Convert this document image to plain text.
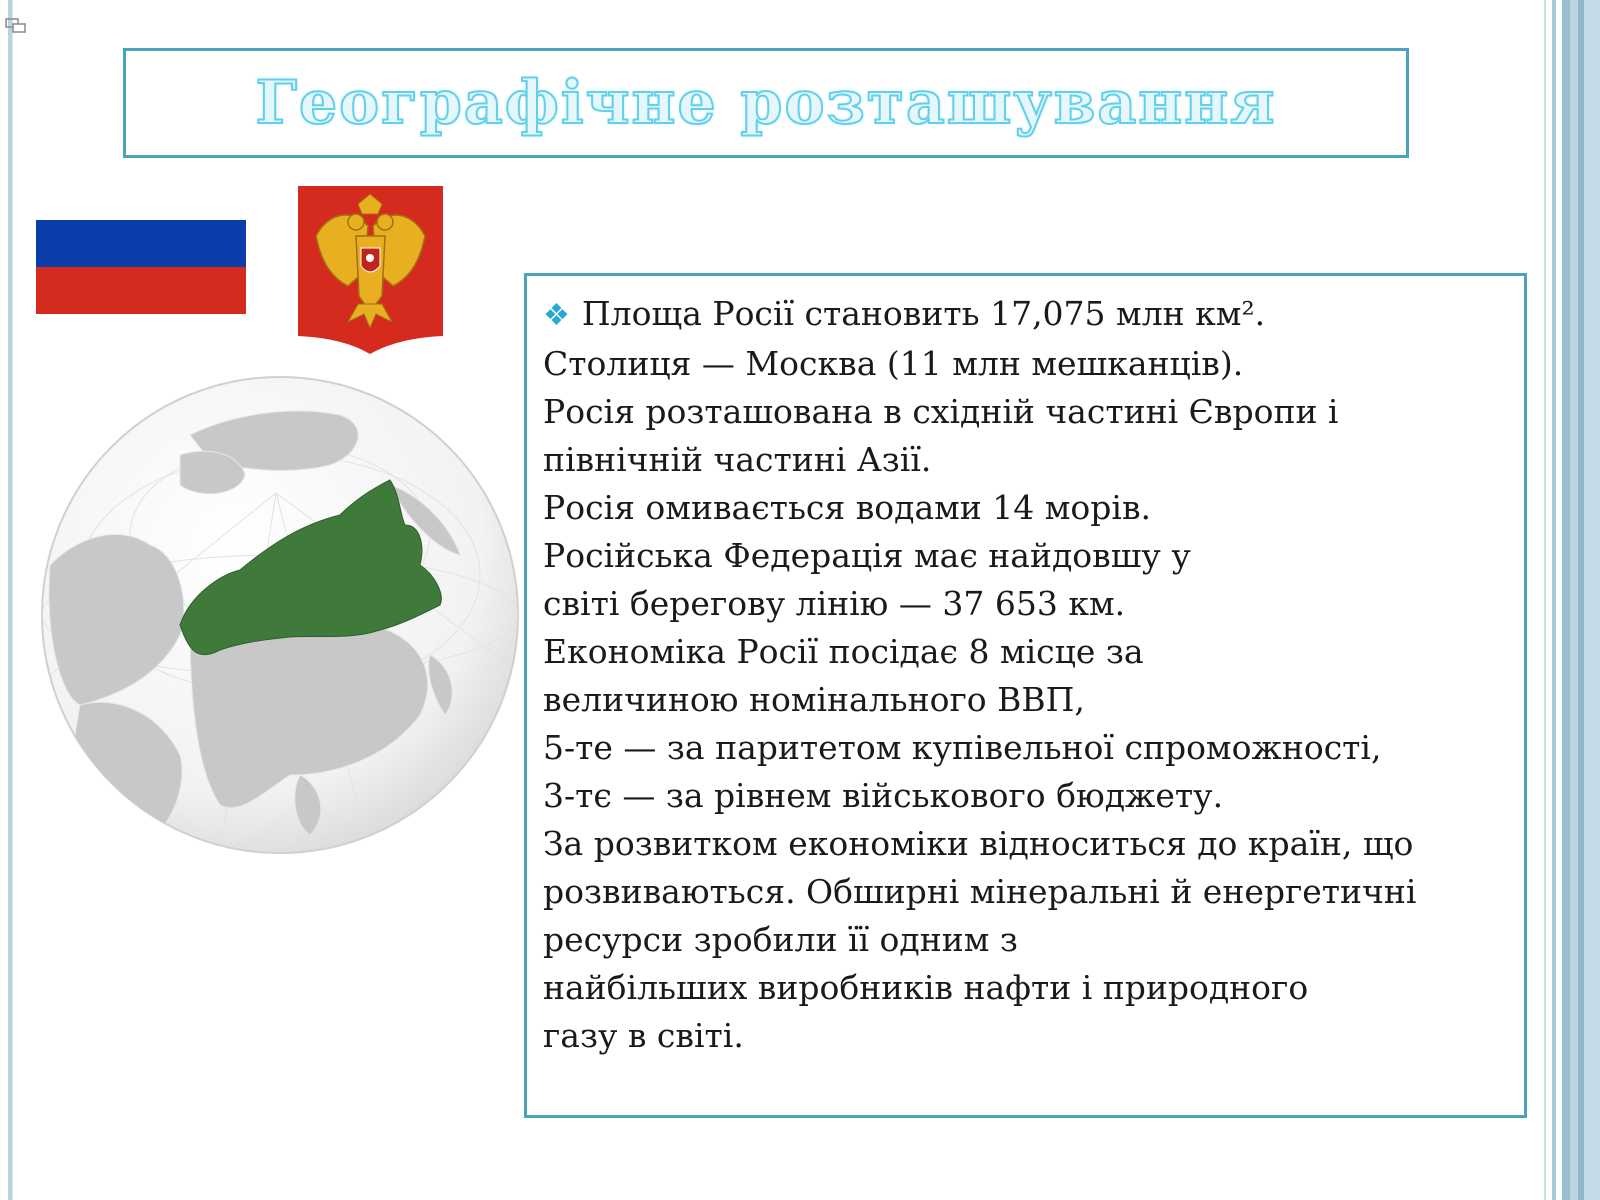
Географічне розташування
❖ Площа Росії становить 17,075 млн км².
Столиця — Москва (11 млн мешканців).
Росія розташована в східній частині Європи і
північній частині Азії.
Росія омивається водами 14 морів.
Російська Федерація має найдовшу у
світі берегову лінію — 37 653 км.
Економіка Росії посідає 8 місце за
величиною номінального ВВП,
5-те — за паритетом купівельної спроможності,
3-тє — за рівнем військового бюджету.
За розвитком економіки відноситься до країн, що
розвиваються. Обширні мінеральні й енергетичні
ресурси зробили її одним з
найбільших виробників нафти і природного
газу в світі.
